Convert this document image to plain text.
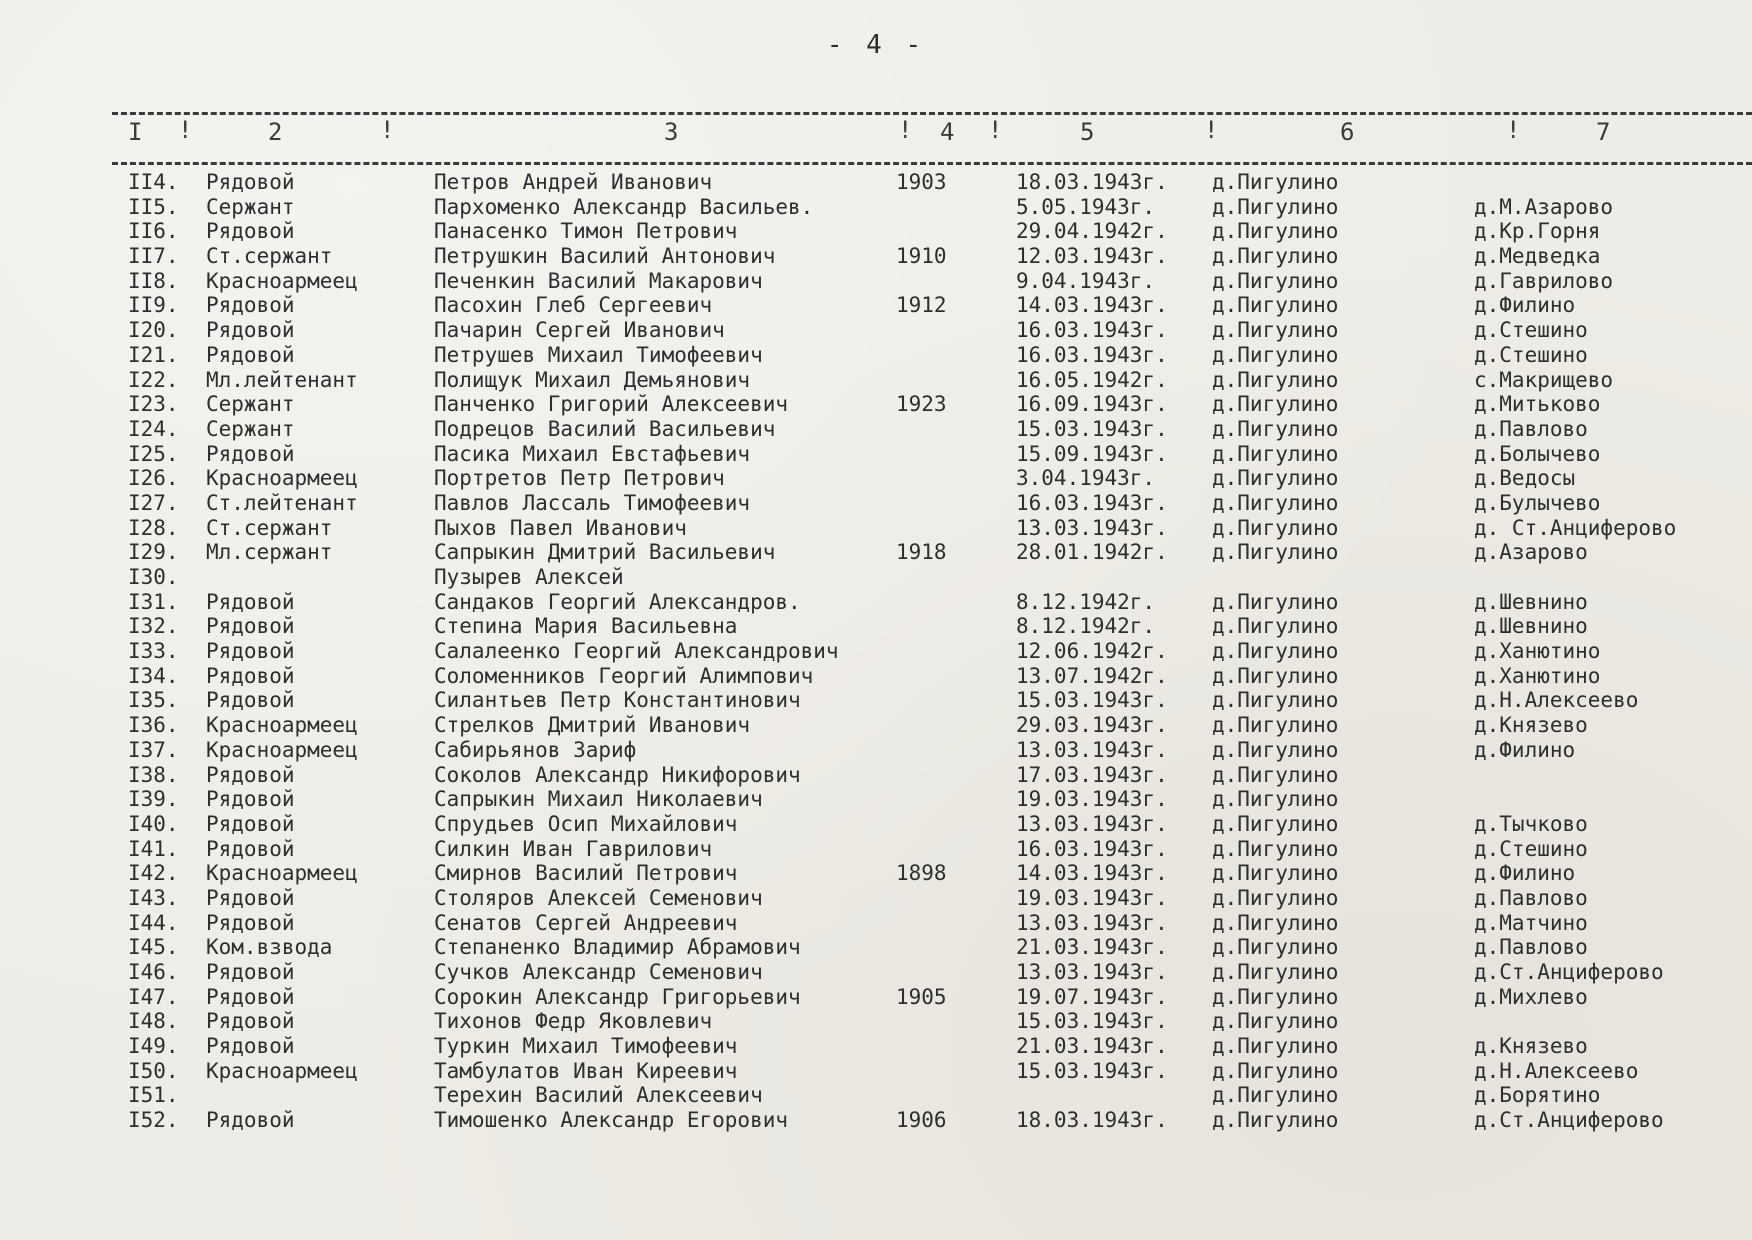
- 4 -
I !	2	!	3	! 4 !	5	!	6	!	7
II4. Рядовой	Петров Андрей Иванович	1903	18.03.1943г. д.Пигулино
II5. Сержант	Пархоменко Александр Васильев.	5.05.1943г.	д.Пигулино	д.М.Азарово
II6. Рядовой	Панасенко Тимон Петрович	29.04.1942г. д.Пигулино	д.Кр.Горня
II7. Ст.сержант	Петрушкин Василий Антонович	1910	12.03.1943г. д.Пигулино	д.Медведка
II8. Красноармеец	Печенкин Василий Макарович	9.04.1943г.	д.Пигулино	д.Гаврилово
II9. Рядовой	Пасохин Глеб Сергеевич	1912	14.03.1943г. д.Пигулино	д.Филино
I20. Рядовой	Пачарин Сергей Иванович	16.03.1943г. д.Пигулино	д.Стешино
I21. Рядовой	Петрушев Михаил Тимофеевич	16.03.1943г. д.Пигулино	д.Стешино
I22. Мл.лейтенант	Полищук Михаил Демьянович	16.05.1942г. д.Пигулино	с.Макрищево
I23. Сержант	Панченко Григорий Алексеевич	1923	16.09.1943г. д.Пигулино	д.Митьково
I24. Сержант	Подрецов Василий Васильевич	15.03.1943г. д.Пигулино	д.Павлово
I25. Рядовой	Пасика Михаил Евстафьевич	15.09.1943г. д.Пигулино	д.Болычево
I26. Красноармеец	Портретов Петр Петрович	3.04.1943г.	д.Пигулино	д.Ведосы
I27. Ст.лейтенант	Павлов Лассаль Тимофеевич	16.03.1943г. д.Пигулино	д.Булычево
I28. Ст.сержант	Пыхов Павел Иванович	13.03.1943г. д.Пигулино	д. Ст.Анциферово
I29. Мл.сержант	Сапрыкин Дмитрий Васильевич	1918	28.01.1942г. д.Пигулино	д.Азарово
I30.	Пузырев Алексей
I31. Рядовой	Сандаков Георгий Александров.	8.12.1942г.	д.Пигулино	д.Шевнино
I32. Рядовой	Степина Мария Васильевна	8.12.1942г.	д.Пигулино	д.Шевнино
I33. Рядовой	Салалеенко Георгий Александрович	12.06.1942г. д.Пигулино	д.Ханютино
I34. Рядовой	Соломенников Георгий Алимпович	13.07.1942г. д.Пигулино	д.Ханютино
I35. Рядовой	Силантьев Петр Константинович	15.03.1943г. д.Пигулино	д.Н.Алексеево
I36. Красноармеец	Стрелков Дмитрий Иванович	29.03.1943г. д.Пигулино	д.Князево
I37. Красноармеец	Сабирьянов Зариф	13.03.1943г. д.Пигулино	д.Филино
I38. Рядовой	Соколов Александр Никифорович	17.03.1943г. д.Пигулино
I39. Рядовой	Сапрыкин Михаил Николаевич	19.03.1943г. д.Пигулино
I40. Рядовой	Спрудьев Осип Михайлович	13.03.1943г. д.Пигулино	д.Тычково
I41. Рядовой	Силкин Иван Гаврилович	16.03.1943г. д.Пигулино	д.Стешино
I42. Красноармеец	Смирнов Василий Петрович	1898	14.03.1943г. д.Пигулино	д.Филино
I43. Рядовой	Столяров Алексей Семенович	19.03.1943г. д.Пигулино	д.Павлово
I44. Рядовой	Сенатов Сергей Андреевич	13.03.1943г. д.Пигулино	д.Матчино
I45. Ком.взвода	Степаненко Владимир Абрамович	21.03.1943г. д.Пигулино	д.Павлово
I46. Рядовой	Сучков Александр Семенович	13.03.1943г. д.Пигулино	д.Ст.Анциферово
I47. Рядовой	Сорокин Александр Григорьевич	1905	19.07.1943г. д.Пигулино	д.Михлево
I48. Рядовой	Тихонов Федр Яковлевич	15.03.1943г. д.Пигулино
I49. Рядовой	Туркин Михаил Тимофеевич	21.03.1943г. д.Пигулино	д.Князево
I50. Красноармеец	Тамбулатов Иван Киреевич	15.03.1943г. д.Пигулино	д.Н.Алексеево
I51.	Терехин Василий Алексеевич	д.Пигулино	д.Борятино
I52. Рядовой	Тимошенко Александр Егорович	1906	18.03.1943г. д.Пигулино	д.Ст.Анциферово
